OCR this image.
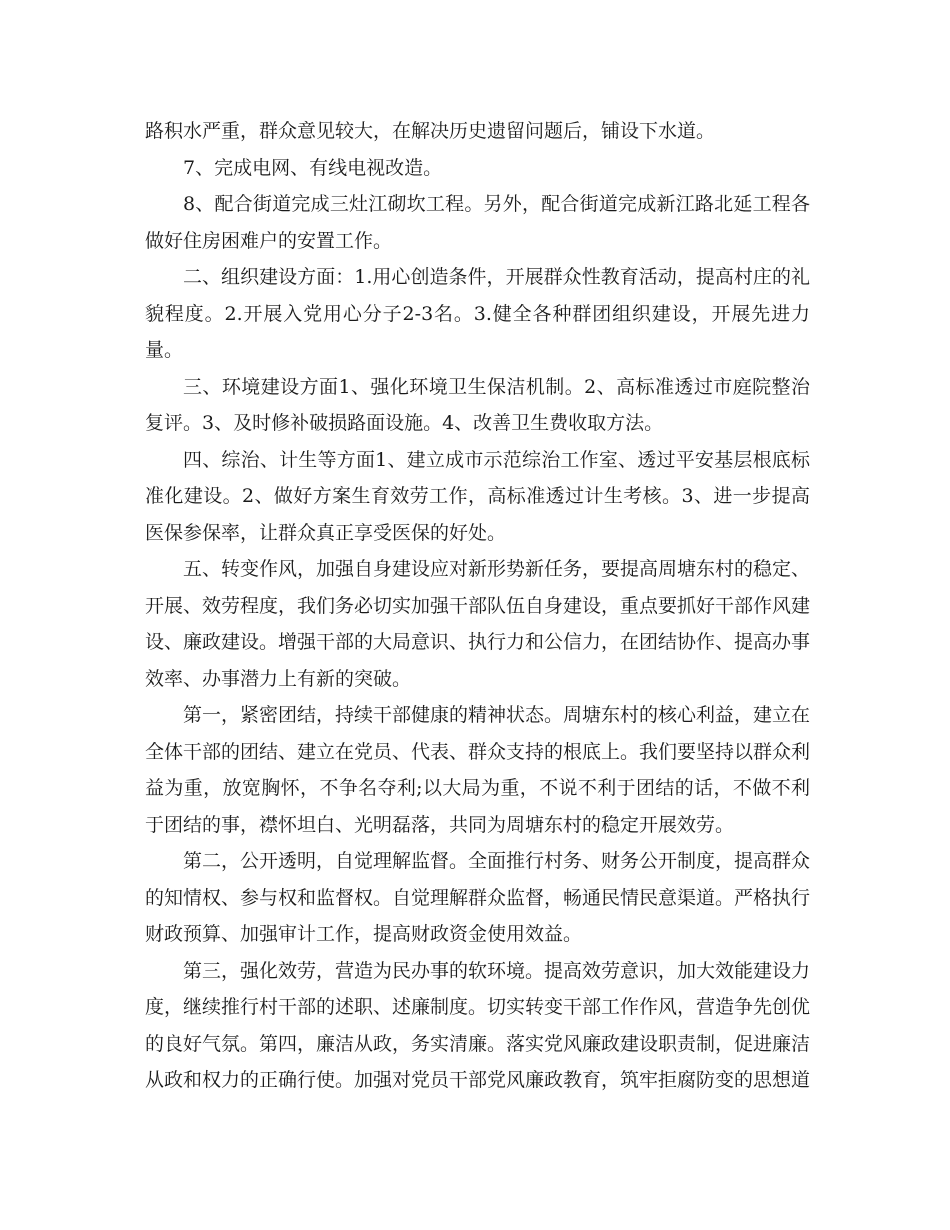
路积水严重，群众意见较大，在解决历史遗留问题后，铺设下水道。

7、完成电网、有线电视改造。

8、配合街道完成三灶江砌坎工程。另外，配合街道完成新江路北延工程各做好住房困难户的安置工作。

二、组织建设方面：1.用心创造条件，开展群众性教育活动，提高村庄的礼貌程度。2.开展入党用心分子2-3名。3.健全各种群团组织建设，开展先进力量。

三、环境建设方面1、强化环境卫生保洁机制。2、高标准透过市庭院整治复评。3、及时修补破损路面设施。4、改善卫生费收取方法。

四、综治、计生等方面1、建立成市示范综治工作室、透过平安基层根底标准化建设。2、做好方案生育效劳工作，高标准透过计生考核。3、进一步提高医保参保率，让群众真正享受医保的好处。

五、转变作风，加强自身建设应对新形势新任务，要提高周塘东村的稳定、开展、效劳程度，我们务必切实加强干部队伍自身建设，重点要抓好干部作风建设、廉政建设。增强干部的大局意识、执行力和公信力，在团结协作、提高办事效率、办事潜力上有新的突破。

第一，紧密团结，持续干部健康的精神状态。周塘东村的核心利益，建立在全体干部的团结、建立在党员、代表、群众支持的根底上。我们要坚持以群众利益为重，放宽胸怀，不争名夺利;以大局为重，不说不利于团结的话，不做不利于团结的事，襟怀坦白、光明磊落，共同为周塘东村的稳定开展效劳。

第二，公开透明，自觉理解监督。全面推行村务、财务公开制度，提高群众的知情权、参与权和监督权。自觉理解群众监督，畅通民情民意渠道。严格执行财政预算、加强审计工作，提高财政资金使用效益。

第三，强化效劳，营造为民办事的软环境。提高效劳意识，加大效能建设力度，继续推行村干部的述职、述廉制度。切实转变干部工作作风，营造争先创优的良好气氛。第四，廉洁从政，务实清廉。落实党风廉政建设职责制，促进廉洁从政和权力的正确行使。加强对党员干部党风廉政教育，筑牢拒腐防变的思想道
